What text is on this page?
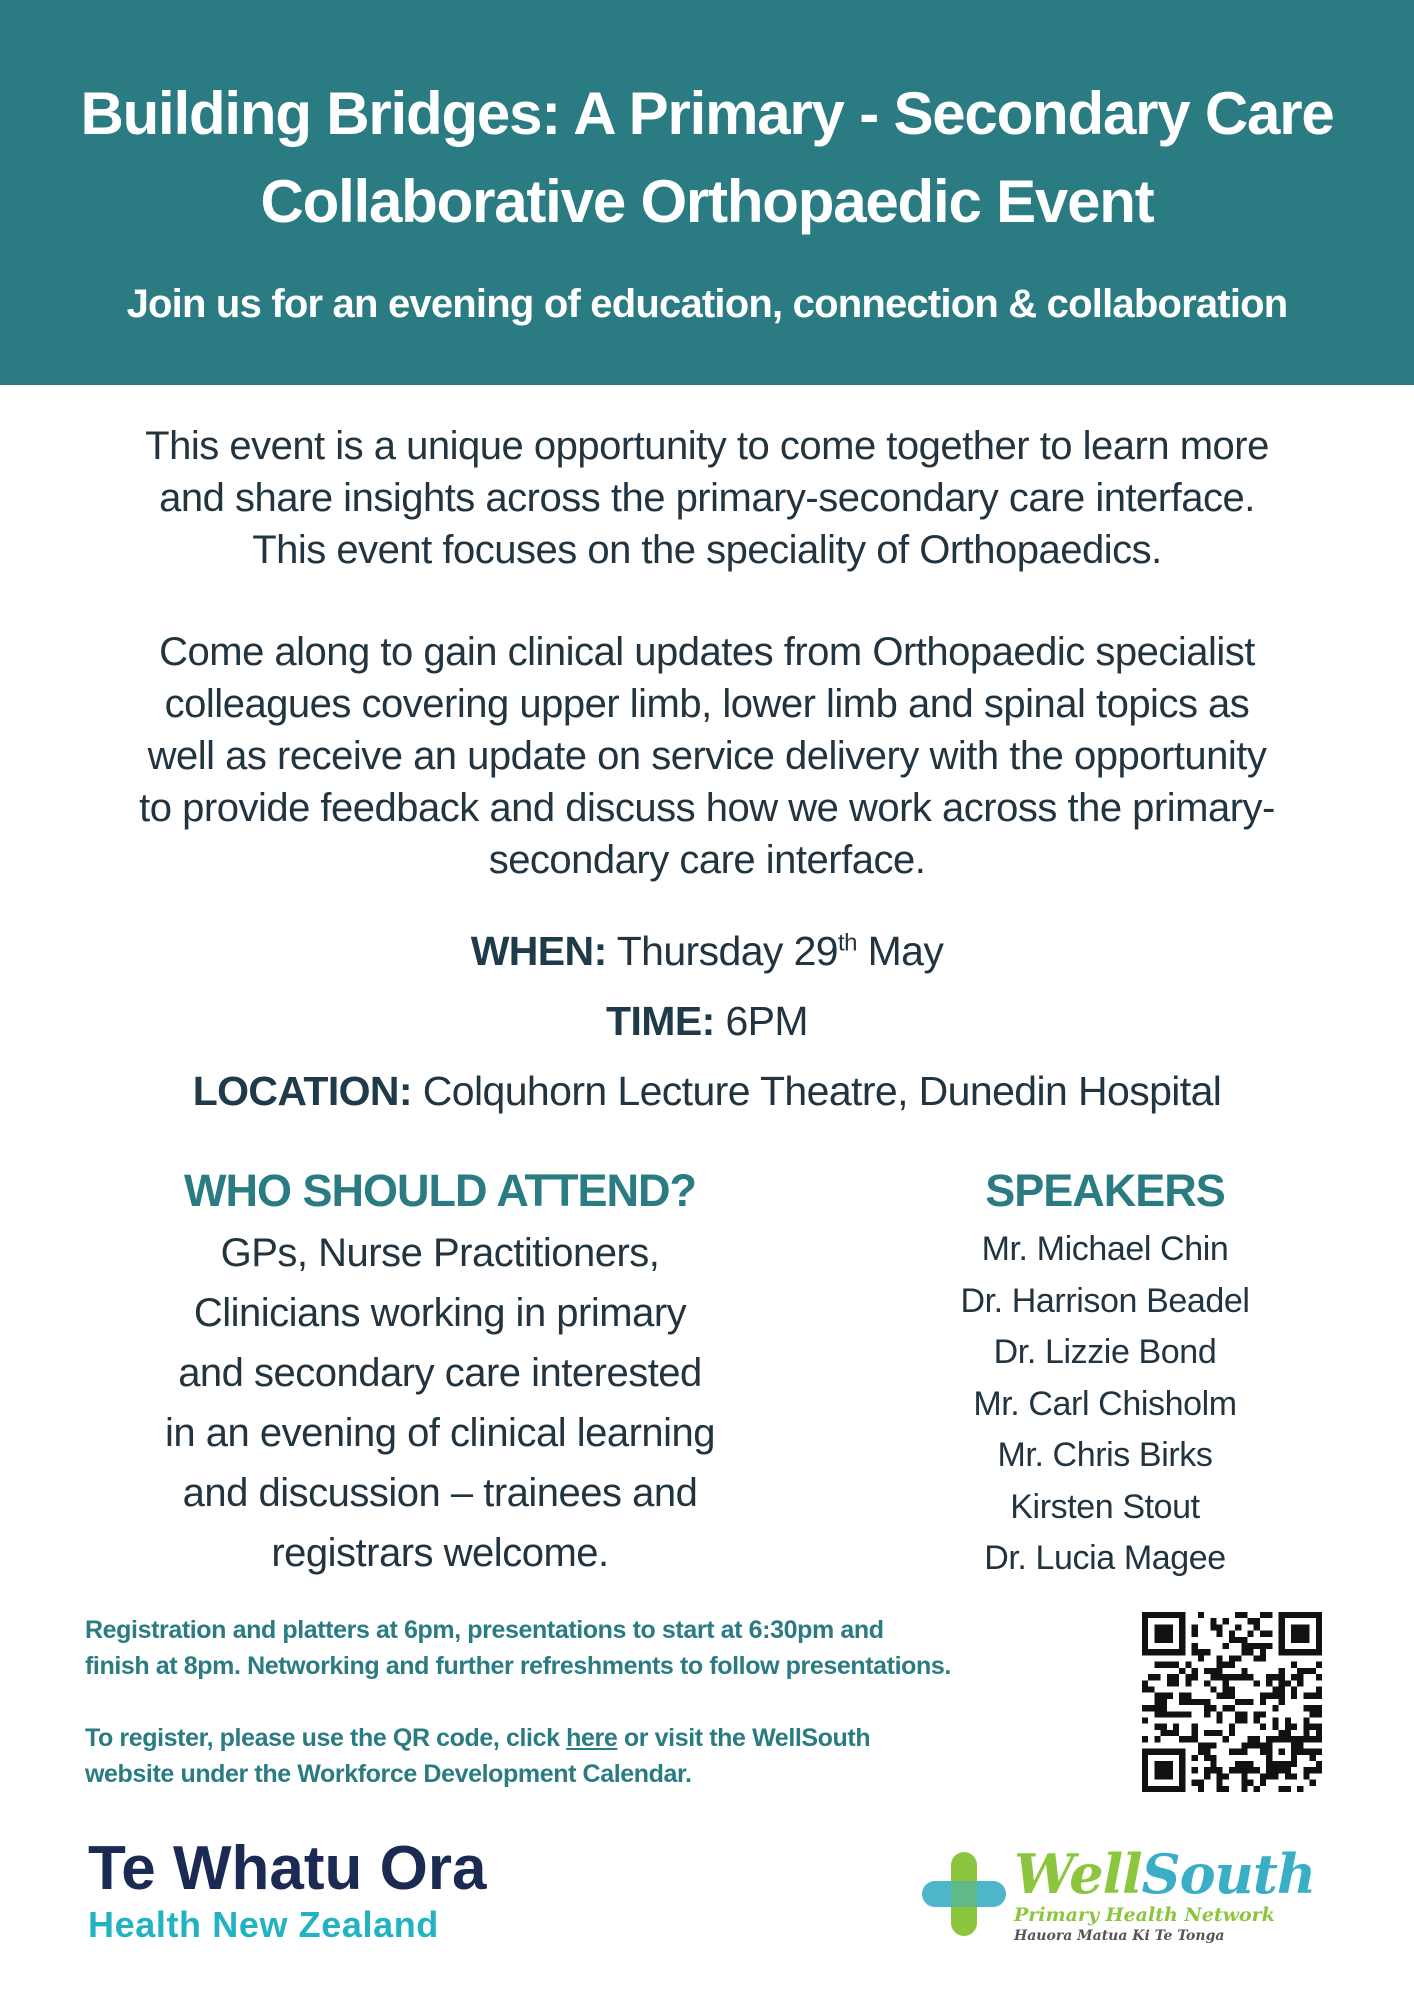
Building Bridges: A Primary - Secondary Care
Collaborative Orthopaedic Event

Join us for an evening of education, connection & collaboration

This event is a unique opportunity to come together to learn more
and share insights across the primary-secondary care interface.
This event focuses on the speciality of Orthopaedics.

Come along to gain clinical updates from Orthopaedic specialist
colleagues covering upper limb, lower limb and spinal topics as
well as receive an update on service delivery with the opportunity
to provide feedback and discuss how we work across the primary-
secondary care interface.

WHEN: Thursday 29th May
TIME: 6PM
LOCATION: Colquhorn Lecture Theatre, Dunedin Hospital
WHO SHOULD ATTEND?

GPs, Nurse Practitioners,
Clinicians working in primary
and secondary care interested
in an evening of clinical learning
and discussion – trainees and
registrars welcome.

SPEAKERS
Mr. Michael Chin
Dr. Harrison Beadel
Dr. Lizzie Bond
Mr. Carl Chisholm
Mr. Chris Birks
Kirsten Stout
Dr. Lucia Magee

Registration and platters at 6pm, presentations to start at 6:30pm and
finish at 8pm. Networking and further refreshments to follow presentations.

To register, please use the QR code, click here or visit the WellSouth
website under the Workforce Development Calendar.

Te Whatu Ora
Health New Zealand
WellSouth
Primary Health Network
Hauora Matua Ki Te Tonga
